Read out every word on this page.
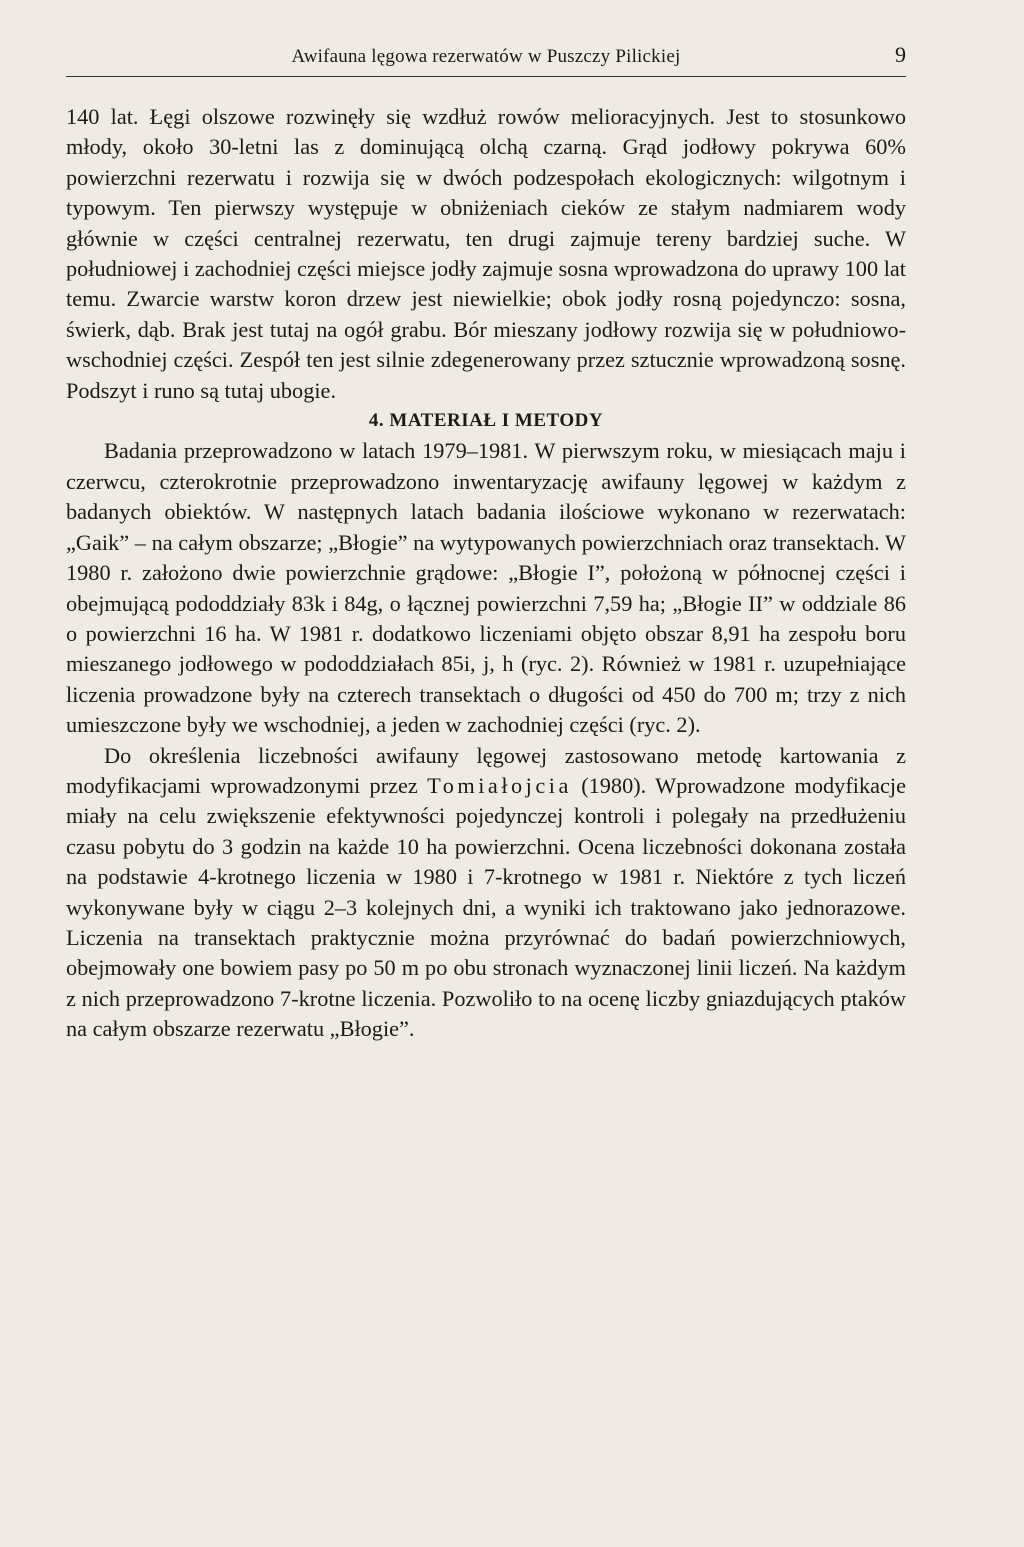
Awifauna lęgowa rezerwatów w Puszczy Pilickiej	9

140 lat. Łęgi olszowe rozwinęły się wzdłuż rowów melioracyjnych. Jest to stosunkowo młody, około 30-letni las z dominującą olchą czarną. Grąd jodłowy pokrywa 60% powierzchni rezerwatu i rozwija się w dwóch podzespołach ekologicznych: wilgotnym i typowym. Ten pierwszy występuje w obniżeniach cieków ze stałym nadmiarem wody głównie w części centralnej rezerwatu, ten drugi zajmuje tereny bardziej suche. W południowej i zachodniej części miejsce jodły zajmuje sosna wprowadzona do uprawy 100 lat temu. Zwarcie warstw koron drzew jest niewielkie; obok jodły rosną pojedynczo: sosna, świerk, dąb. Brak jest tutaj na ogół grabu. Bór mieszany jodłowy rozwija się w południowo-wschodniej części. Zespół ten jest silnie zdegenerowany przez sztucznie wprowadzoną sosnę. Podszyt i runo są tutaj ubogie.

4. MATERIAŁ I METODY

Badania przeprowadzono w latach 1979–1981. W pierwszym roku, w miesiącach maju i czerwcu, czterokrotnie przeprowadzono inwentaryzację awifauny lęgowej w każdym z badanych obiektów. W następnych latach badania ilościowe wykonano w rezerwatach: „Gaik” – na całym obszarze; „Błogie” na wytypowanych powierzchniach oraz transektach. W 1980 r. założono dwie powierzchnie grądowe: „Błogie I”, położoną w północnej części i obejmującą pododdziały 83k i 84g, o łącznej powierzchni 7,59 ha; „Błogie II” w oddziale 86 o powierzchni 16 ha. W 1981 r. dodatkowo liczeniami objęto obszar 8,91 ha zespołu boru mieszanego jodłowego w pododdziałach 85i, j, h (ryc. 2). Również w 1981 r. uzupełniające liczenia prowadzone były na czterech transektach o długości od 450 do 700 m; trzy z nich umieszczone były we wschodniej, a jeden w zachodniej części (ryc. 2).

Do określenia liczebności awifauny lęgowej zastosowano metodę kartowania z modyfikacjami wprowadzonymi przez Tomiałojcia (1980). Wprowadzone modyfikacje miały na celu zwiększenie efektywności pojedynczej kontroli i polegały na przedłużeniu czasu pobytu do 3 godzin na każde 10 ha powierzchni. Ocena liczebności dokonana została na podstawie 4-krotnego liczenia w 1980 i 7-krotnego w 1981 r. Niektóre z tych liczeń wykonywane były w ciągu 2–3 kolejnych dni, a wyniki ich traktowano jako jednorazowe. Liczenia na transektach praktycznie można przyrównać do badań powierzchniowych, obejmowały one bowiem pasy po 50 m po obu stronach wyznaczonej linii liczeń. Na każdym z nich przeprowadzono 7-krotne liczenia. Pozwoliło to na ocenę liczby gniazdujących ptaków na całym obszarze rezerwatu „Błogie”.
